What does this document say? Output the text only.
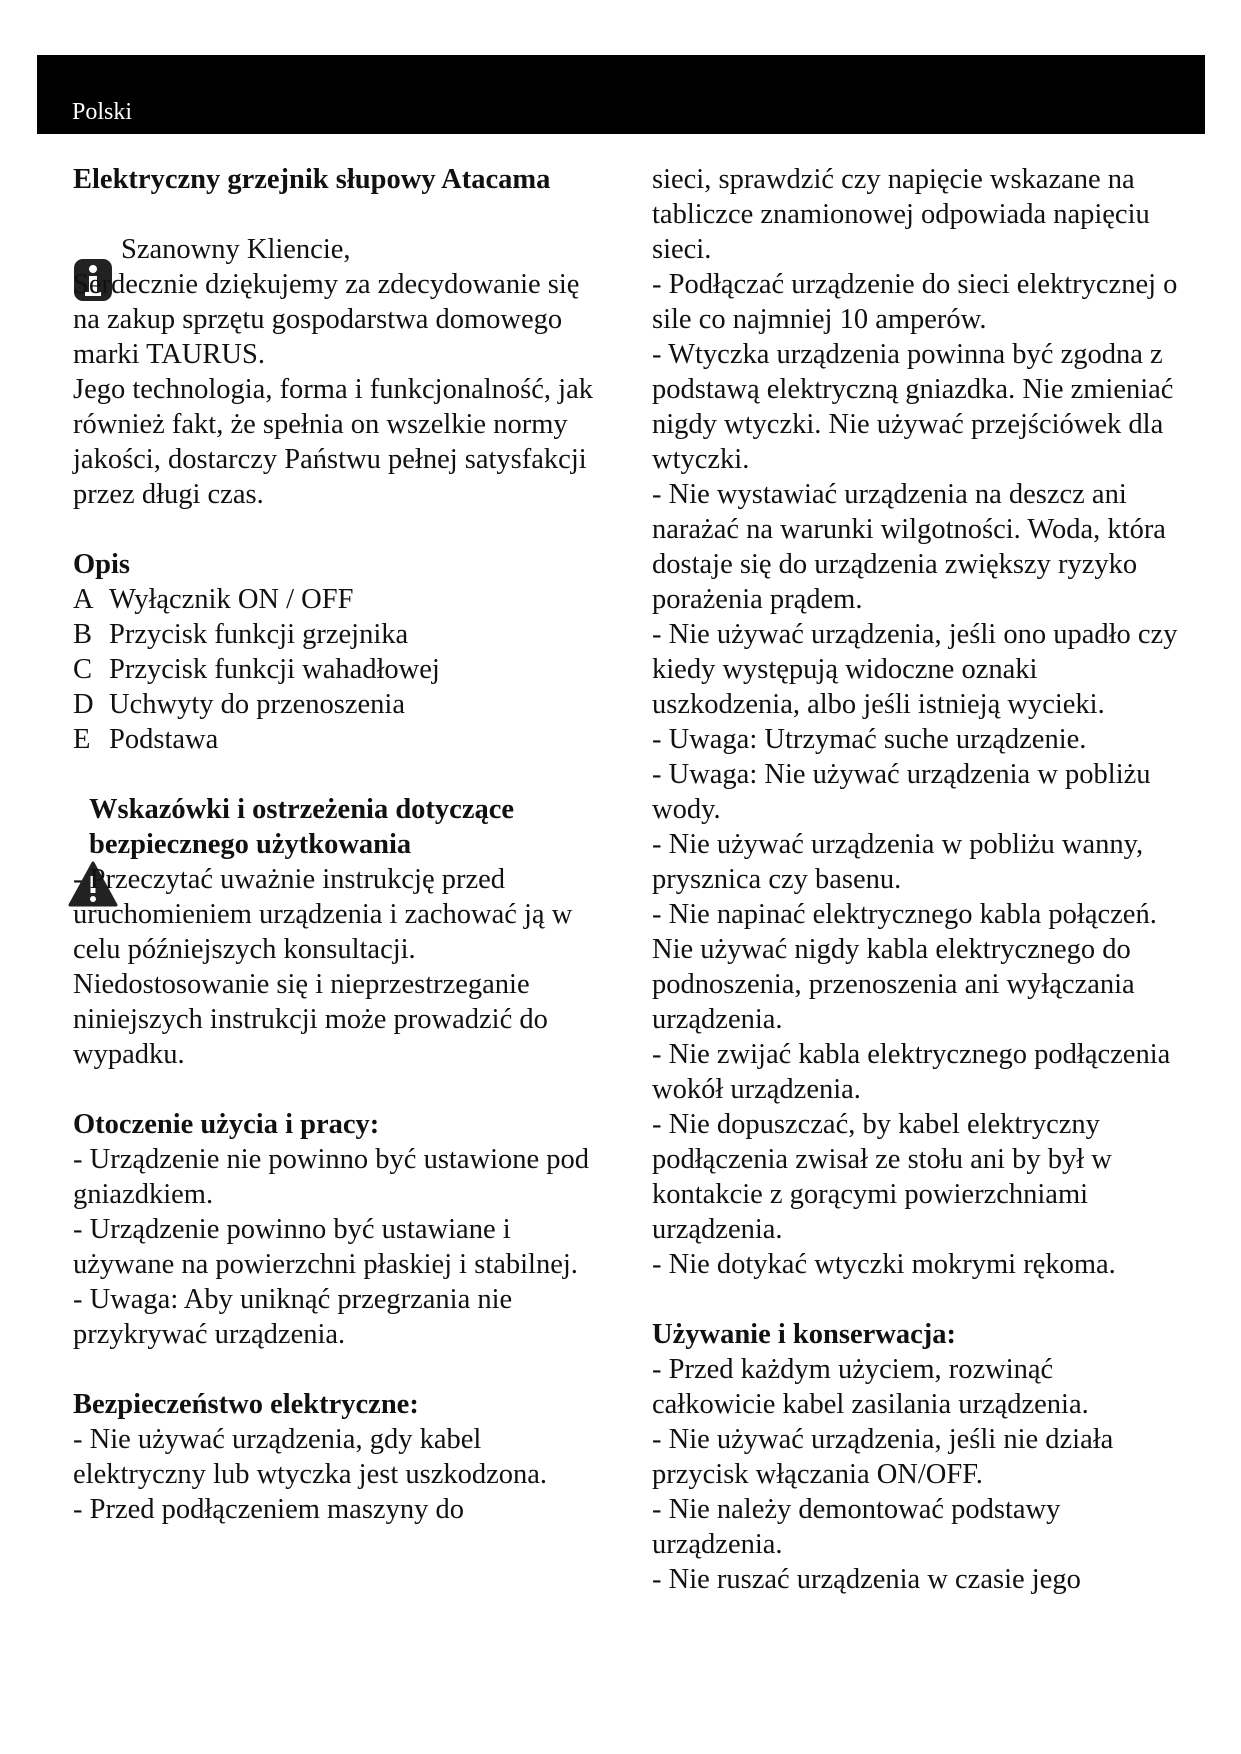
Polski

Elektryczny grzejnik słupowy Atacama

Szanowny Kliencie,

Serdecznie dziękujemy za zdecydowanie się na zakup sprzętu gospodarstwa domowego marki TAURUS.

Jego technologia, forma i funkcjonalność, jak również fakt, że spełnia on wszelkie normy jakości, dostarczy Państwu pełnej satysfakcji przez długi czas.

Opis

A Wyłącznik ON / OFF
B Przycisk funkcji grzejnika
C Przycisk funkcji wahadłowej
D Uchwyty do przenoszenia
E Podstawa

Wskazówki i ostrzeżenia dotyczące bezpiecznego użytkowania

- Przeczytać uważnie instrukcję przed uruchomieniem urządzenia i zachować ją w celu późniejszych konsultacji. Niedostosowanie się i nieprzestrzeganie niniejszych instrukcji może prowadzić do wypadku.

Otoczenie użycia i pracy:

- Urządzenie nie powinno być ustawione pod gniazdkiem.

- Urządzenie powinno być ustawiane i używane na powierzchni płaskiej i stabilnej.

- Uwaga: Aby uniknąć przegrzania nie przykrywać urządzenia.

Bezpieczeństwo elektryczne:

- Nie używać urządzenia, gdy kabel elektryczny lub wtyczka jest uszkodzona.

- Przed podłączeniem maszyny do

sieci, sprawdzić czy napięcie wskazane na tabliczce znamionowej odpowiada napięciu sieci.

- Podłączać urządzenie do sieci elektrycznej o sile co najmniej 10 amperów.

- Wtyczka urządzenia powinna być zgodna z podstawą elektryczną gniazdka. Nie zmieniać nigdy wtyczki. Nie używać przejściówek dla wtyczki.

- Nie wystawiać urządzenia na deszcz ani narażać na warunki wilgotności. Woda, która dostaje się do urządzenia zwiększy ryzyko porażenia prądem.

- Nie używać urządzenia, jeśli ono upadło czy kiedy występują widoczne oznaki uszkodzenia, albo jeśli istnieją wycieki.

- Uwaga: Utrzymać suche urządzenie.

- Uwaga: Nie używać urządzenia w pobliżu wody.

- Nie używać urządzenia w pobliżu wanny, prysznica czy basenu.

- Nie napinać elektrycznego kabla połączeń. Nie używać nigdy kabla elektrycznego do podnoszenia, przenoszenia ani wyłączania urządzenia.

- Nie zwijać kabla elektrycznego podłączenia wokół urządzenia.

- Nie dopuszczać, by kabel elektryczny podłączenia zwisał ze stołu ani by był w kontakcie z gorącymi powierzchniami urządzenia.

- Nie dotykać wtyczki mokrymi rękoma.

Używanie i konserwacja:

- Przed każdym użyciem, rozwinąć całkowicie kabel zasilania urządzenia.

- Nie używać urządzenia, jeśli nie działa przycisk włączania ON/OFF.

- Nie należy demontować podstawy urządzenia.

- Nie ruszać urządzenia w czasie jego
